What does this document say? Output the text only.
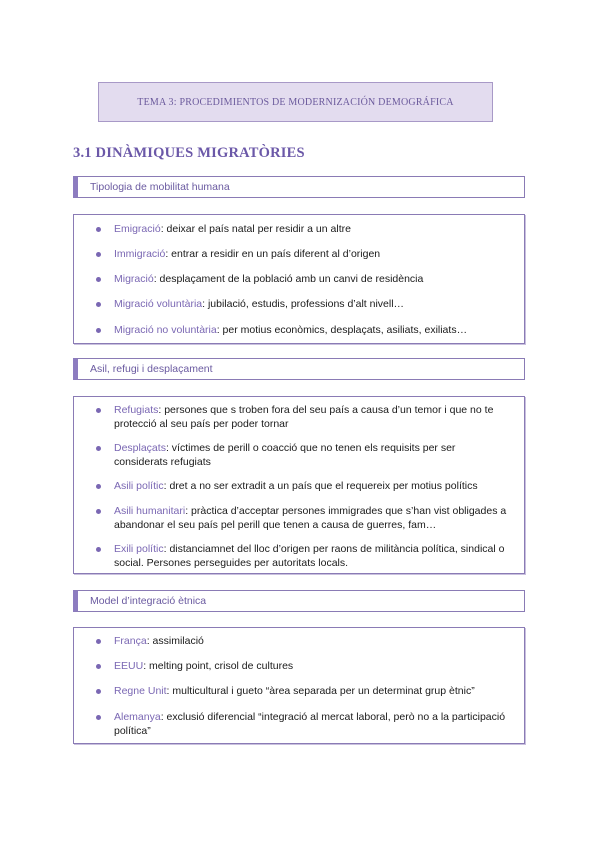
TEMA 3: PROCEDIMIENTOS DE MODERNIZACIÓN DEMOGRÁFICA
3.1 DINÀMIQUES MIGRATÒRIES
Tipologia de mobilitat humana
Emigració: deixar el país natal per residir a un altre
Immigració: entrar a residir en un país diferent al d’origen
Migració: desplaçament de la població amb un canvi de residència
Migració voluntària: jubilació, estudis, professions d’alt nivell…
Migració no voluntària: per motius econòmics, desplaçats, asiliats, exiliats…
Asil, refugi i desplaçament
Refugiats: persones que s troben fora del seu país a causa d’un temor i que no te protecció al seu país per poder tornar
Desplaçats: víctimes de perill o coacció que no tenen els requisits per ser considerats refugiats
Asili polític: dret a no ser extradit a un país que el requereix per motius polítics
Asili humanitari: pràctica d’acceptar persones immigrades que s’han vist obligades a abandonar el seu país pel perill que tenen a causa de guerres, fam…
Exili polític: distanciamnet del lloc d’origen per raons de militància política, sindical o social. Persones perseguides per autoritats locals.
Model d’integració ètnica
França: assimilació
EEUU: melting point, crisol de cultures
Regne Unit: multicultural i gueto “àrea separada per un determinat grup ètnic”
Alemanya: exclusió diferencial “integració al mercat laboral, però no a la participació política”
